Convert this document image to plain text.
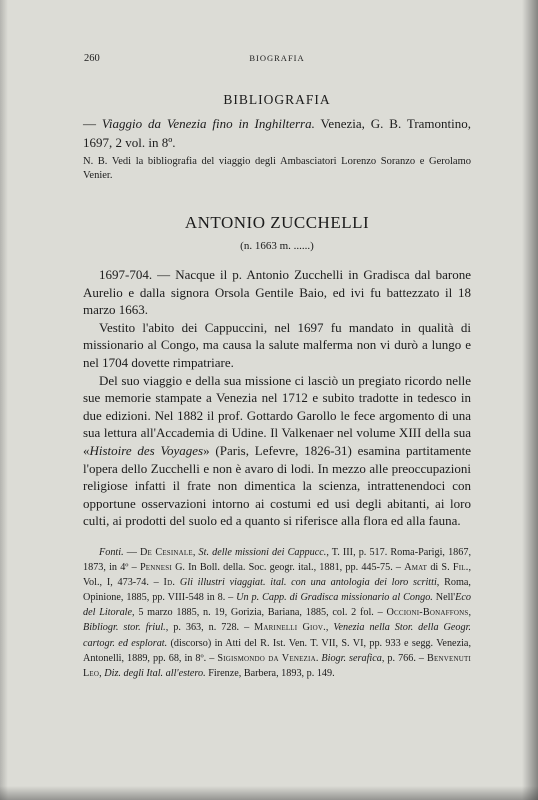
260	BIOGRAFIA
BIBLIOGRAFIA
— Viaggio da Venezia fino in Inghilterra. Venezia, G. B. Tramontino, 1697, 2 vol. in 8º.
N. B. Vedi la bibliografia del viaggio degli Ambasciatori Lorenzo Soranzo e Gerolamo Venier.
ANTONIO ZUCCHELLI
(n. 1663 m. ......)

1697-704. — Nacque il p. Antonio Zucchelli in Gradisca dal barone Aurelio e dalla signora Orsola Gentile Baio, ed ivi fu battezzato il 18 marzo 1663.

Vestito l'abito dei Cappuccini, nel 1697 fu mandato in qualità di missionario al Congo, ma causa la salute malferma non vi durò a lungo e nel 1704 dovette rimpatriare.

Del suo viaggio e della sua missione ci lasciò un pregiato ricordo nelle sue memorie stampate a Venezia nel 1712 e subito tradotte in tedesco in due edizioni. Nel 1882 il prof. Gottardo Garollo le fece argomento di una sua lettura all'Accademia di Udine. Il Valkenaer nel volume XIII della sua «Histoire des Voyages» (Paris, Lefevre, 1826-31) esamina partitamente l'opera dello Zucchelli e non è avaro di lodi. In mezzo alle preoccupazioni religiose infatti il frate non dimentica la scienza, intrattenendoci con opportune osservazioni intorno ai costumi ed usi degli abitanti, ai loro culti, ai prodotti del suolo ed a quanto si riferisce alla flora ed alla fauna.

Fonti. — De Cesinale, St. delle missioni dei Cappucc., T. III, p. 517. Roma-Parigi, 1867, 1873, in 4º – Pennesi G. In Boll. della. Soc. geogr. ital., 1881, pp. 445-75. – Amat di S. Fil., Vol., I, 473-74. – Id. Gli illustri viaggiat. ital. con una antologia dei loro scritti, Roma, Opinione, 1885, pp. VIII-548 in 8. – Un p. Capp. di Gradisca missionario al Congo. Nell'Eco del Litorale, 5 marzo 1885, n. 19, Gorizia, Bariana, 1885, col. 2 fol. – Occioni-Bonaffons, Bibliogr. stor. friul., p. 363, n. 728. – Marinelli Giov., Venezia nella Stor. della Geogr. cartogr. ed esplorat. (discorso) in Atti del R. Ist. Ven. T. VII, S. VI, pp. 933 e segg. Venezia, Antonelli, 1889, pp. 68, in 8º. – Sigismondo da Venezia. Biogr. serafica, p. 766. – Benvenuti Leo, Diz. degli Ital. all'estero. Firenze, Barbera, 1893, p. 149.
